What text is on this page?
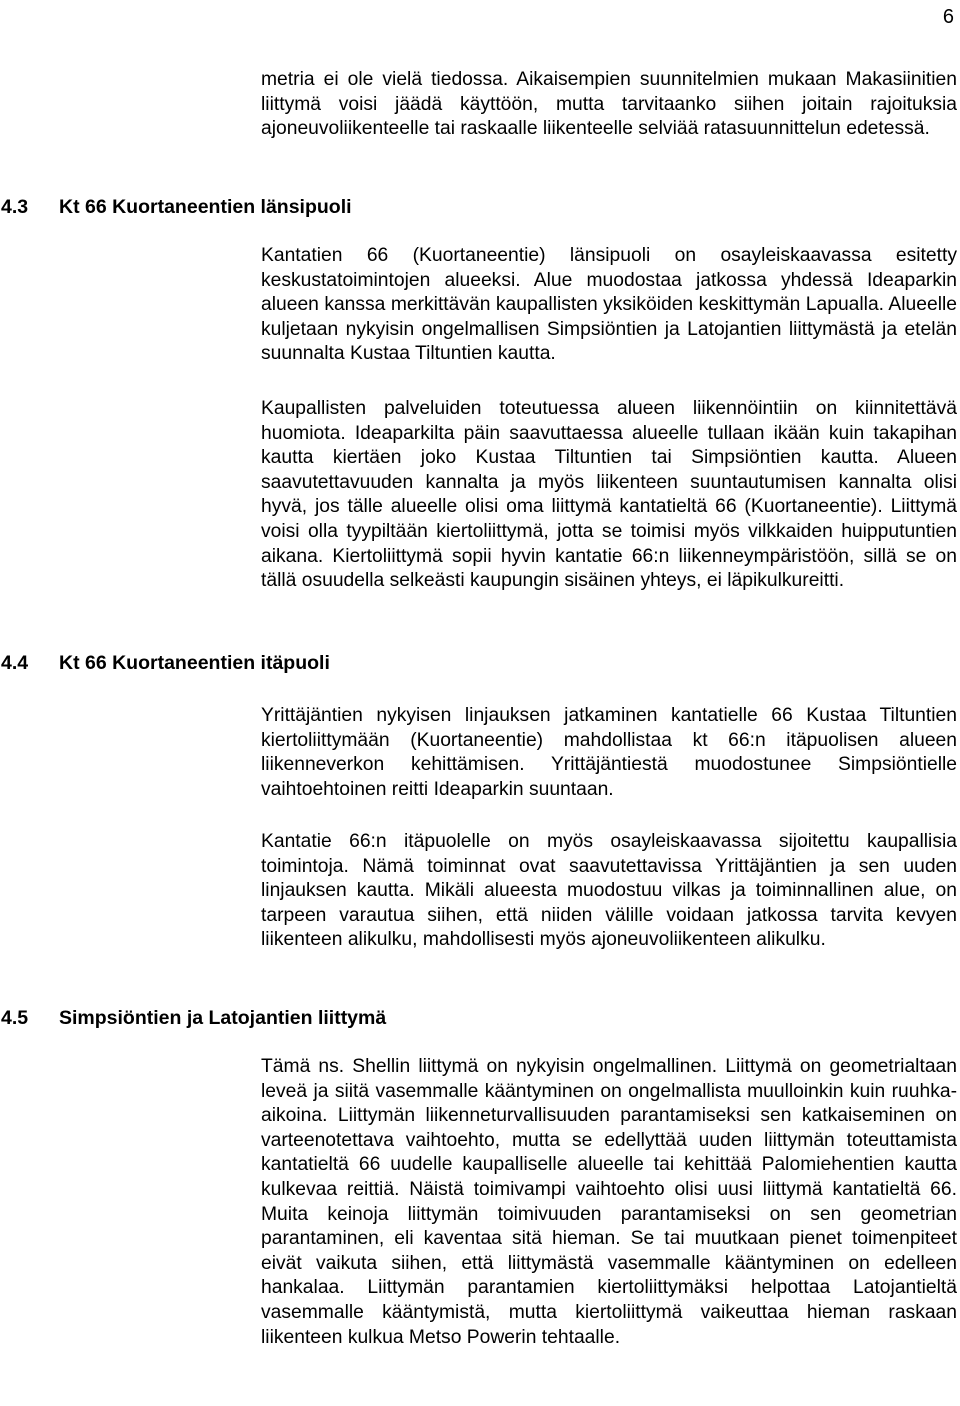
6
4.3 Kt 66 Kuortaneentien länsipuoli
4.4 Kt 66 Kuortaneentien itäpuoli
4.5 Simpsiöntien ja Latojantien liittymä

metria ei ole vielä tiedossa. Aikaisempien suunnitelmien mukaan Makasiinitien liittymä voisi jäädä käyttöön, mutta tarvitaanko siihen joitain rajoituksia ajoneuvoliikenteelle tai raskaalle liikenteelle selviää ratasuunnittelun edetessä.

Kantatien 66 (Kuortaneentie) länsipuoli on osayleiskaavassa esitetty keskustatoimintojen alueeksi. Alue muodostaa jatkossa yhdessä Ideaparkin alueen kanssa merkittävän kaupallisten yksiköiden keskittymän Lapualla. Alueelle kuljetaan nykyisin ongelmallisen Simpsiöntien ja Latojantien liittymästä ja etelän suunnalta Kustaa Tiltuntien kautta.

Kaupallisten palveluiden toteutuessa alueen liikennöintiin on kiinnitettävä huomiota. Ideaparkilta päin saavuttaessa alueelle tullaan ikään kuin takapihan kautta kiertäen joko Kustaa Tiltuntien tai Simpsiöntien kautta. Alueen saavutettavuuden kannalta ja myös liikenteen suuntautumisen kannalta olisi hyvä, jos tälle alueelle olisi oma liittymä kantatieltä 66 (Kuortaneentie). Liittymä voisi olla tyypiltään kiertoliittymä, jotta se toimisi myös vilkkaiden huipputuntien aikana. Kiertoliittymä sopii hyvin kantatie 66:n liikenneympäristöön, sillä se on tällä osuudella selkeästi kaupungin sisäinen yhteys, ei läpikulkureitti.

Yrittäjäntien nykyisen linjauksen jatkaminen kantatielle 66 Kustaa Tiltuntien kiertoliittymään (Kuortaneentie) mahdollistaa kt 66:n itäpuolisen alueen liikenneverkon kehittämisen. Yrittäjäntiestä muodostunee Simpsiöntielle vaihtoehtoinen reitti Ideaparkin suuntaan.

Kantatie 66:n itäpuolelle on myös osayleiskaavassa sijoitettu kaupallisia toimintoja. Nämä toiminnat ovat saavutettavissa Yrittäjäntien ja sen uuden linjauksen kautta. Mikäli alueesta muodostuu vilkas ja toiminnallinen alue, on tarpeen varautua siihen, että niiden välille voidaan jatkossa tarvita kevyen liikenteen alikulku, mahdollisesti myös ajoneuvoliikenteen alikulku.

Tämä ns. Shellin liittymä on nykyisin ongelmallinen. Liittymä on geometrialtaan leveä ja siitä vasemmalle kääntyminen on ongelmallista muulloinkin kuin ruuhka-aikoina. Liittymän liikenneturvallisuuden parantamiseksi sen katkaiseminen on varteenotettava vaihtoehto, mutta se edellyttää uuden liittymän toteuttamista kantatieltä 66 uudelle kaupalliselle alueelle tai kehittää Palomiehentien kautta kulkevaa reittiä. Näistä toimivampi vaihtoehto olisi uusi liittymä kantatieltä 66. Muita keinoja liittymän toimivuuden parantamiseksi on sen geometrian parantaminen, eli kaventaa sitä hieman. Se tai muutkaan pienet toimenpiteet eivät vaikuta siihen, että liittymästä vasemmalle kääntyminen on edelleen hankalaa. Liittymän parantamien kiertoliittymäksi helpottaa Latojantieltä vasemmalle kääntymistä, mutta kiertoliittymä vaikeuttaa hieman raskaan liikenteen kulkua Metso Powerin tehtaalle.
